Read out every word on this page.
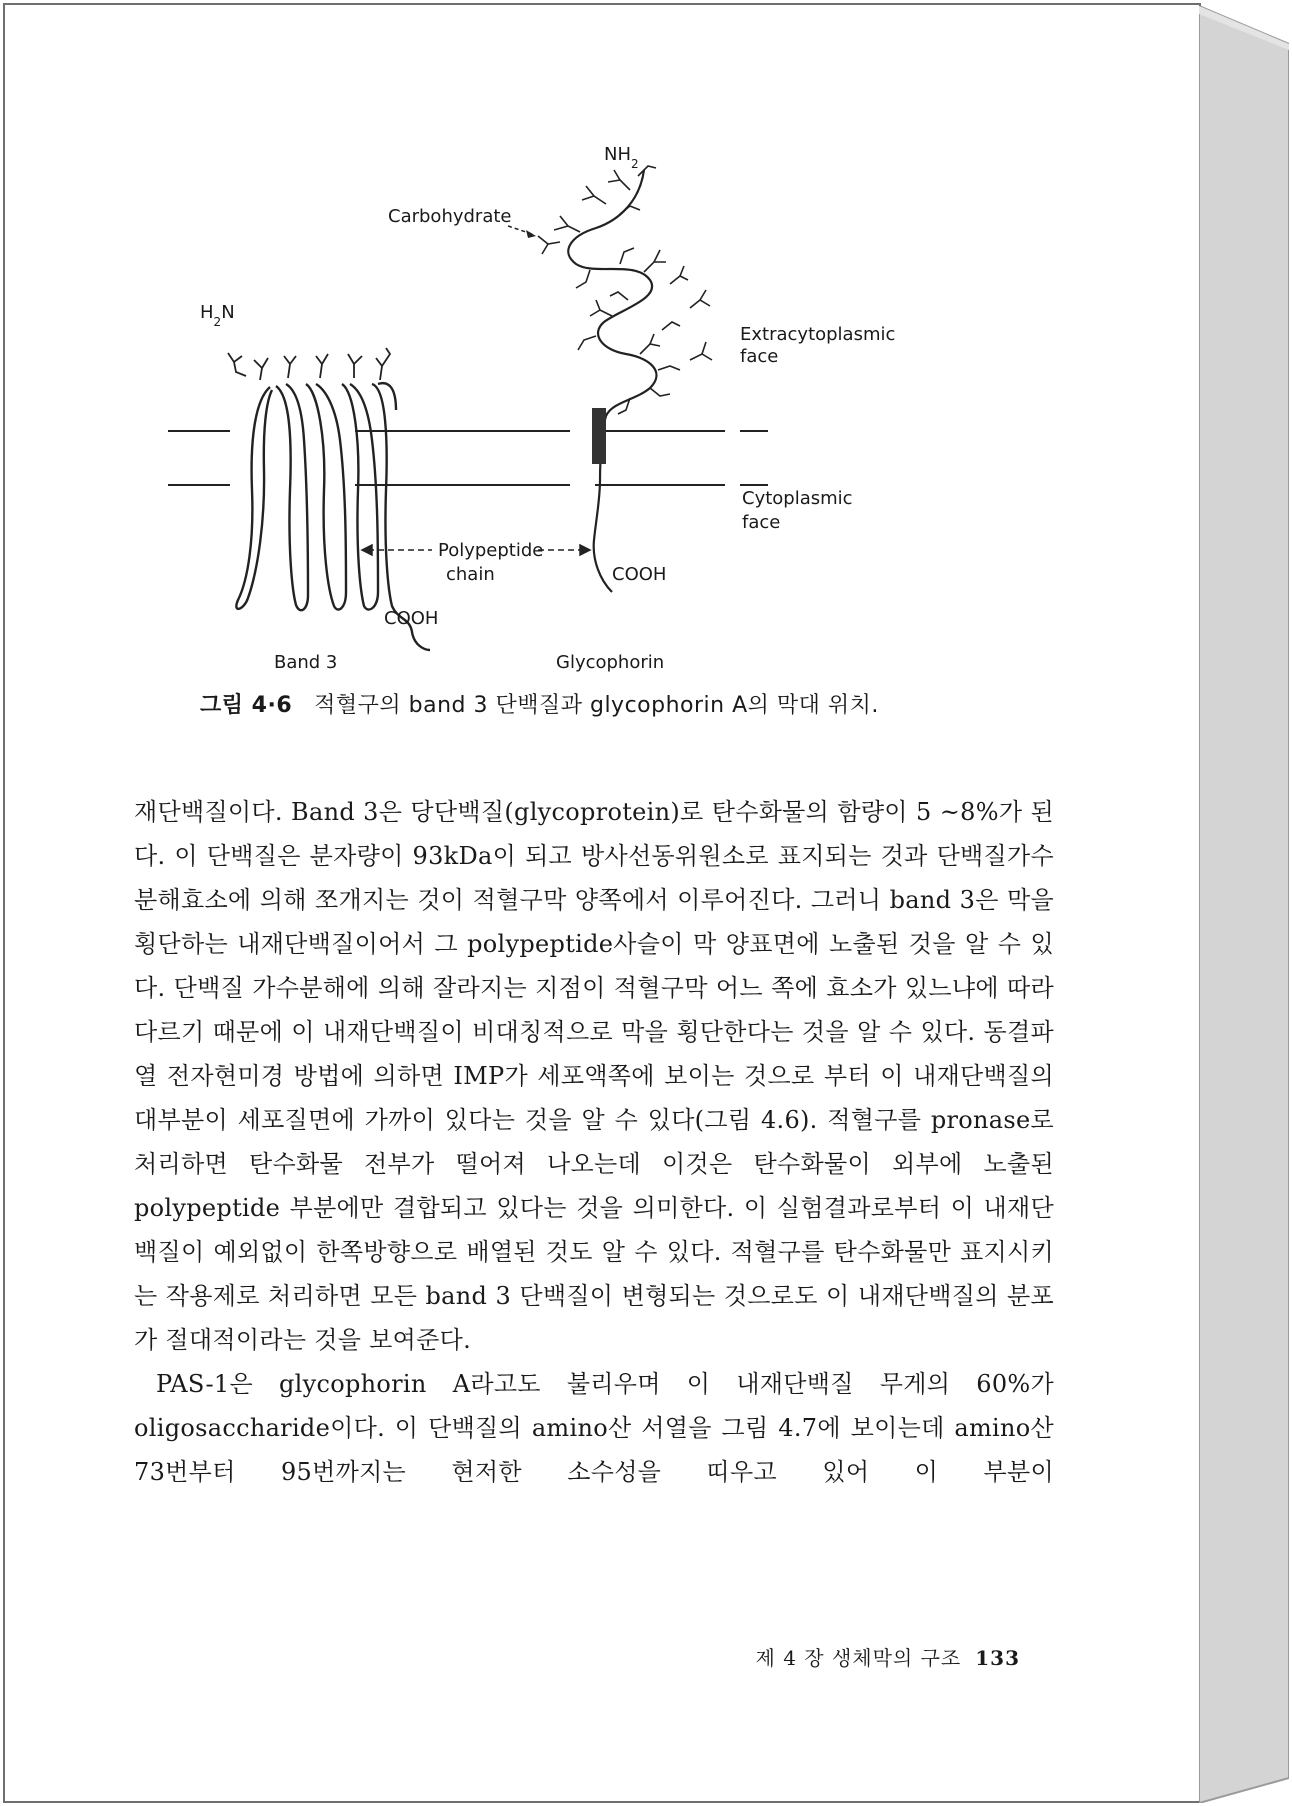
$NH_2$
Carbohydrate
$H_2N$
Extracytoplasmic
face
Cytoplasmic
face
Polypeptide
chain
COOH
COOH
Band 3	Glycophorin
그림 4·6 적혈구의 band 3 단백질과 glycophorin A의 막대 위치.

재단백질이다. Band 3은 당단백질(glycoprotein)로 탄수화물의 함량이 5 ~8%가 된다. 이 단백질은 분자량이 93kDa이 되고 방사선동위원소로 표지되는 것과 단백질가수분해효소에 의해 쪼개지는 것이 적혈구막 양쪽에서 이루어진다. 그러니 band 3은 막을 횡단하는 내재단백질이어서 그 polypeptide사슬이 막 양표면에 노출된 것을 알 수 있다. 단백질 가수분해에 의해 잘라지는 지점이 적혈구막 어느 쪽에 효소가 있느냐에 따라 다르기 때문에 이 내재단백질이 비대칭적으로 막을 횡단한다는 것을 알 수 있다. 동결파열 전자현미경 방법에 의하면 IMP가 세포액쪽에 보이는 것으로 부터 이 내재단백질의 대부분이 세포질면에 가까이 있다는 것을 알 수 있다(그림 4.6). 적혈구를 pronase로 처리하면 탄수화물 전부가 떨어져 나오는데 이것은 탄수화물이 외부에 노출된 polypeptide 부분에만 결합되고 있다는 것을 의미한다. 이 실험결과로부터 이 내재단백질이 예외없이 한쪽방향으로 배열된 것도 알 수 있다. 적혈구를 탄수화물만 표지시키는 작용제로 처리하면 모든 band 3 단백질이 변형되는 것으로도 이 내재단백질의 분포가 절대적이라는 것을 보여준다.

PAS-1은 glycophorin A라고도 불리우며 이 내재단백질 무게의 60%가 oligosaccharide이다. 이 단백질의 amino산 서열을 그림 4.7에 보이는데 amino산 73번부터 95번까지는 현저한 소수성을 띠우고 있어 이 부분이

제 4 장 생체막의 구조 133
